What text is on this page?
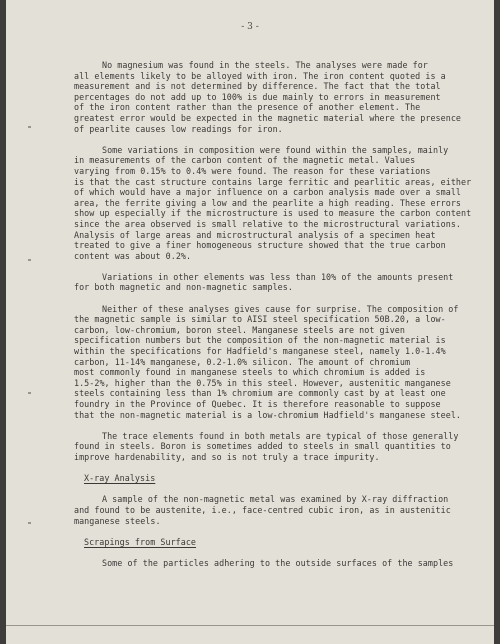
- 3 -
No magnesium was found in the steels. The analyses were made for
all elements likely to be alloyed with iron. The iron content quoted is a
measurement and is not determined by difference. The fact that the total
percentages do not add up to 100% is due mainly to errors in measurement
of the iron content rather than the presence of another element. The
greatest error would be expected in the magnetic material where the presence
of pearlite causes low readings for iron.
Some variations in composition were found within the samples, mainly
in measurements of the carbon content of the magnetic metal. Values
varying from 0.15% to 0.4% were found. The reason for these variations
is that the cast structure contains large ferritic and pearlitic areas, either
of which would have a major influence on a carbon analysis made over a small
area, the ferrite giving a low and the pearlite a high reading. These errors
show up especially if the microstructure is used to measure the carbon content
since the area observed is small relative to the microstructural variations.
Analysis of large areas and microstructural analysis of a specimen heat
treated to give a finer homogeneous structure showed that the true carbon
content was about 0.2%.
Variations in other elements was less than 10% of the amounts present
for both magnetic and non-magnetic samples.
Neither of these analyses gives cause for surprise. The composition of
the magnetic sample is similar to AISI steel specification 50B.20, a low-
carbon, low-chromium, boron steel. Manganese steels are not given
specification numbers but the composition of the non-magnetic material is
within the specifications for Hadfield's manganese steel, namely 1.0-1.4%
carbon, 11-14% manganese, 0.2-1.0% silicon. The amount of chromium
most commonly found in manganese steels to which chromium is added is
1.5-2%, higher than the 0.75% in this steel. However, austenitic manganese
steels containing less than 1% chromium are commonly cast by at least one
foundry in the Province of Quebec. It is therefore reasonable to suppose
that the non-magnetic material is a low-chromium Hadfield's manganese steel.
The trace elements found in both metals are typical of those generally
found in steels. Boron is sometimes added to steels in small quantities to
improve hardenability, and so is not truly a trace impurity.
X-ray Analysis
A sample of the non-magnetic metal was examined by X-ray diffraction
and found to be austenite, i.e., face-centred cubic iron, as in austenitic
manganese steels.
Scrapings from Surface
Some of the particles adhering to the outside surfaces of the samples
